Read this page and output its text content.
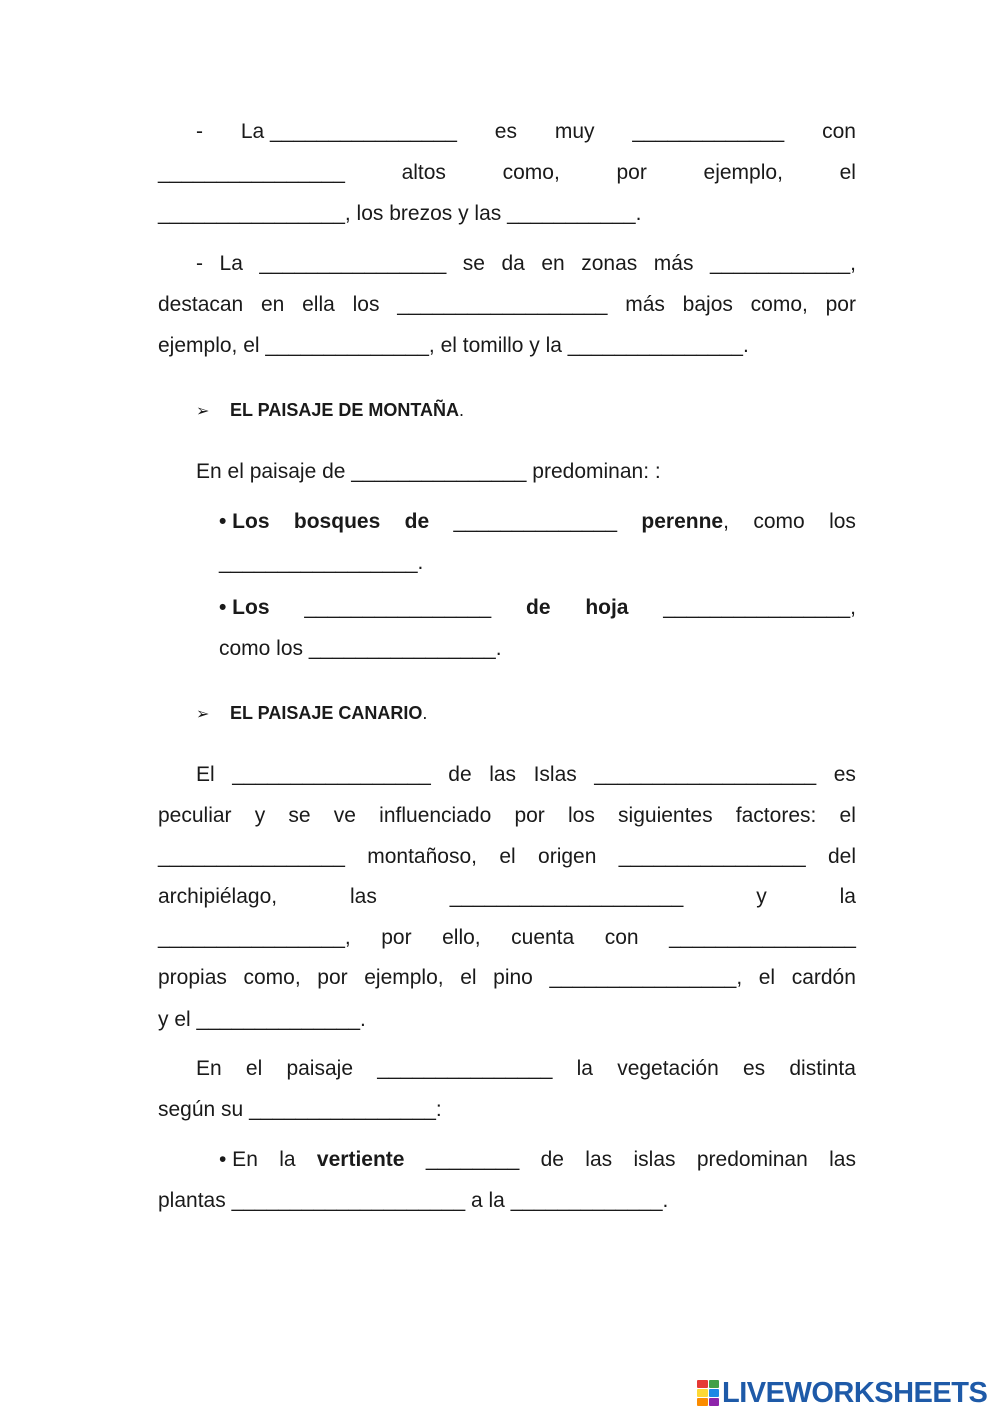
- La ________________ es muy _____________ con
________________	altos	como,	por	ejemplo,	el
________________, los brezos y las ___________.
- La ________________ se da en zonas más ____________,
destacan en ella los __________________ más bajos como, por
ejemplo, el ______________, el tomillo y la _______________.
➢ EL PAISAJE DE MONTAÑA.
En el paisaje de _______________ predominan: :
• Los bosques de ______________ perenne, como los
_________________.
• Los ________________ de hoja ________________,
como los ________________.
➢ EL PAISAJE CANARIO.
El _________________ de las Islas ___________________ es
peculiar y se ve influenciado por los siguientes factores: el
________________ montañoso, el origen ________________ del
archipiélago,	las	____________________	y	la
________________, por ello, cuenta con ________________
propias como, por ejemplo, el pino ________________, el cardón
y el ______________.
En el paisaje _______________ la vegetación es distinta
según su ________________:
• En la vertiente ________ de las islas predominan las
plantas ____________________ a la _____________.
LIVEWORKSHEETS
